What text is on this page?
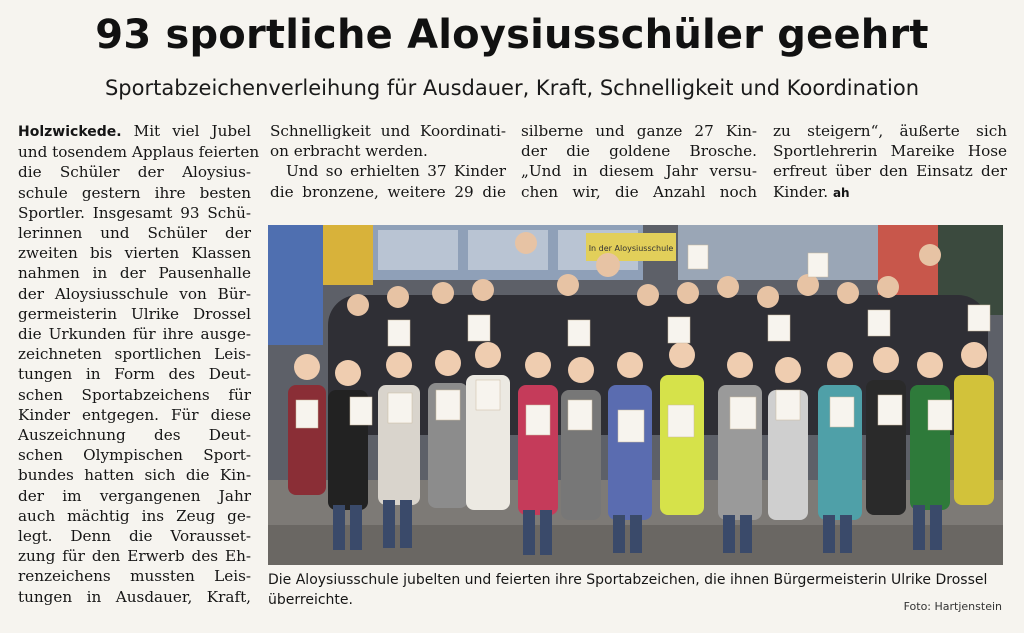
93 sportliche Aloysiusschüler geehrt
Sportabzeichenverleihung für Ausdauer, Kraft, Schnelligkeit und Koordination
Holzwickede. Mit viel Jubel
und tosendem Applaus feierten
die Schüler der Aloysius-
schule gestern ihre besten
Sportler. Insgesamt 93 Schü-
lerinnen und Schüler der
zweiten bis vierten Klassen
nahmen in der Pausenhalle
der Aloysiusschule von Bür-
germeisterin Ulrike Drossel
die Urkunden für ihre ausge-
zeichneten sportlichen Leis-
tungen in Form des Deut-
schen Sportabzeichens für
Kinder entgegen. Für diese
Auszeichnung des Deut-
schen Olympischen Sport-
bundes hatten sich die Kin-
der im vergangenen Jahr
auch mächtig ins Zeug ge-
legt. Denn die Vorausset-
zung für den Erwerb des Eh-
renzeichens mussten Leis-
tungen in Ausdauer, Kraft,
Schnelligkeit und Koordinati-
on erbracht werden.
Und so erhielten 37 Kinder
die bronzene, weitere 29 die
silberne und ganze 27 Kin-
der die goldene Brosche.
„Und in diesem Jahr versu-
chen wir, die Anzahl noch
zu steigern“, äußerte sich
Sportlehrerin Mareike Hose
erfreut über den Einsatz der
Kinder. ah
In der Aloysiusschule
Die Aloysiusschule jubelten und feierten ihre Sportabzeichen, die ihnen Bürgermeisterin Ulrike Drossel überreichte.	Foto: Hartjenstein
